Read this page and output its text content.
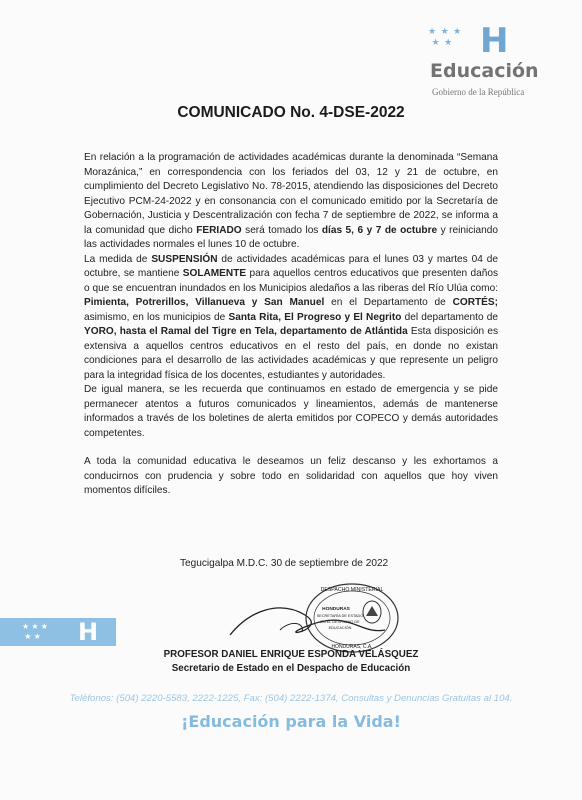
★ ★ ★
★ ★ H
Educación
Gobierno de la República
COMUNICADO No. 4-DSE-2022

En relación a la programación de actividades académicas durante la denominada “Semana Morazánica,” en correspondencia con los feriados del 03, 12 y 21 de octubre, en cumplimiento del Decreto Legislativo No. 78-2015, atendiendo las disposiciones del Decreto Ejecutivo PCM-24-2022 y en consonancia con el comunicado emitido por la Secretaría de Gobernación, Justicia y Descentralización con fecha 7 de septiembre de 2022, se informa a la comunidad que dicho FERIADO será tomado los días 5, 6 y 7 de octubre y reiniciando las actividades normales el lunes 10 de octubre.

La medida de SUSPENSIÓN de actividades académicas para el lunes 03 y martes 04 de octubre, se mantiene SOLAMENTE para aquellos centros educativos que presenten daños o que se encuentran inundados en los Municipios aledaños a las riberas del Río Ulúa como: Pimienta, Potrerillos, Villanueva y San Manuel en el Departamento de CORTÉS; asimismo, en los municipios de Santa Rita, El Progreso y El Negrito del departamento de YORO, hasta el Ramal del Tigre en Tela, departamento de Atlántida Esta disposición es extensiva a aquellos centros educativos en el resto del país, en donde no existan condiciones para el desarrollo de las actividades académicas y que represente un peligro para la integridad física de los docentes, estudiantes y autoridades.

De igual manera, se les recuerda que continuamos en estado de emergencia y se pide permanecer atentos a futuros comunicados y lineamientos, además de mantenerse informados a través de los boletines de alerta emitidos por COPECO y demás autoridades competentes.

A toda la comunidad educativa le deseamos un feliz descanso y les exhortamos a conducirnos con prudencia y sobre todo en solidaridad con aquellos que hoy viven momentos difíciles.

Tegucigalpa M.D.C. 30 de septiembre de 2022
★ ★ ★
★ ★ H
DESPACHO MINISTERIAL
HONDURAS
SECRETARÍA DE ESTADO
EN EL DESPACHO DE
EDUCACIÓN
HONDURAS, C.A.
PROFESOR DANIEL ENRIQUE ESPONDA VELÁSQUEZ
Secretario de Estado en el Despacho de Educación
Teléfonos: (504) 2220-5583, 2222-1225, Fax: (504) 2222-1374, Consultas y Denuncias Gratuitas al 104.
¡Educación para la Vida!
